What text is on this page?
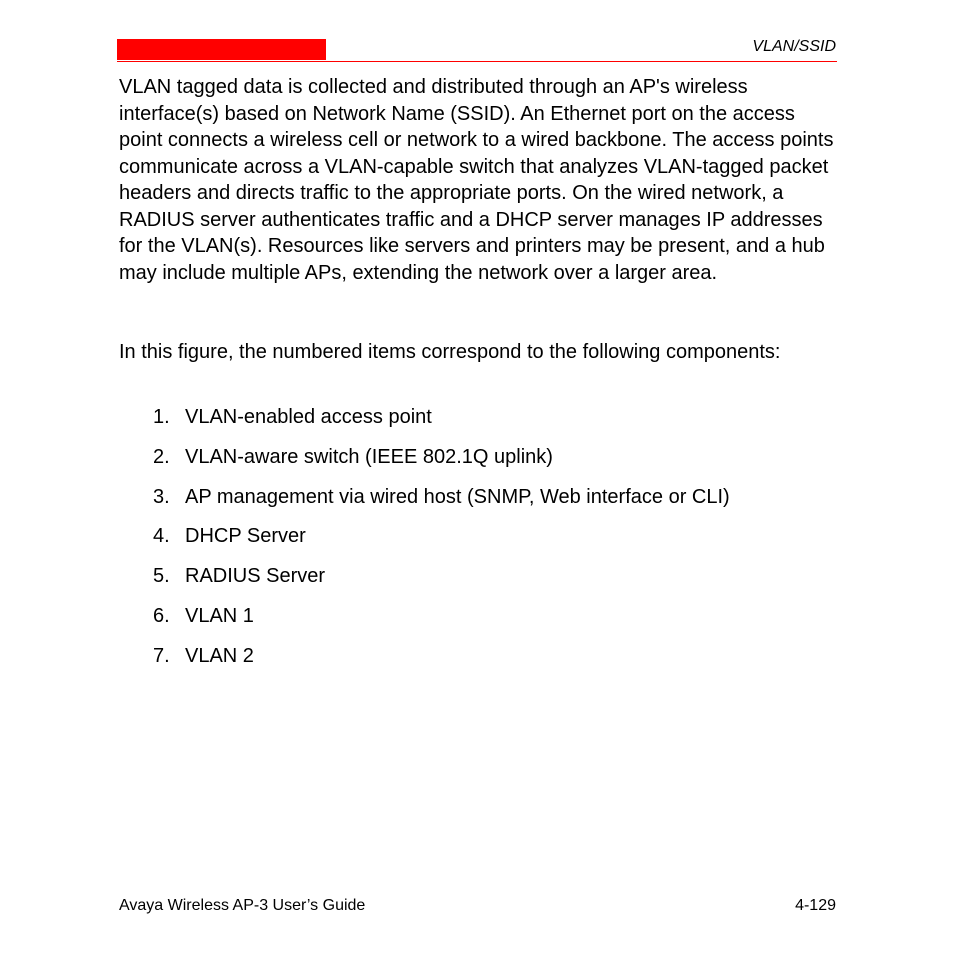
VLAN/SSID

VLAN tagged data is collected and distributed through an AP's wireless interface(s) based on Network Name (SSID). An Ethernet port on the access point connects a wireless cell or network to a wired backbone. The access points communicate across a VLAN-capable switch that analyzes VLAN-tagged packet headers and directs traffic to the appropriate ports. On the wired network, a RADIUS server authenticates traffic and a DHCP server manages IP addresses for the VLAN(s). Resources like servers and printers may be present, and a hub may include multiple APs, extending the network over a larger area.

In this figure, the numbered items correspond to the following components:

1. VLAN-enabled access point
2. VLAN-aware switch (IEEE 802.1Q uplink)
3. AP management via wired host (SNMP, Web interface or CLI)
4. DHCP Server
5. RADIUS Server
6. VLAN 1
7. VLAN 2
Avaya Wireless AP-3 User’s Guide	4-129
